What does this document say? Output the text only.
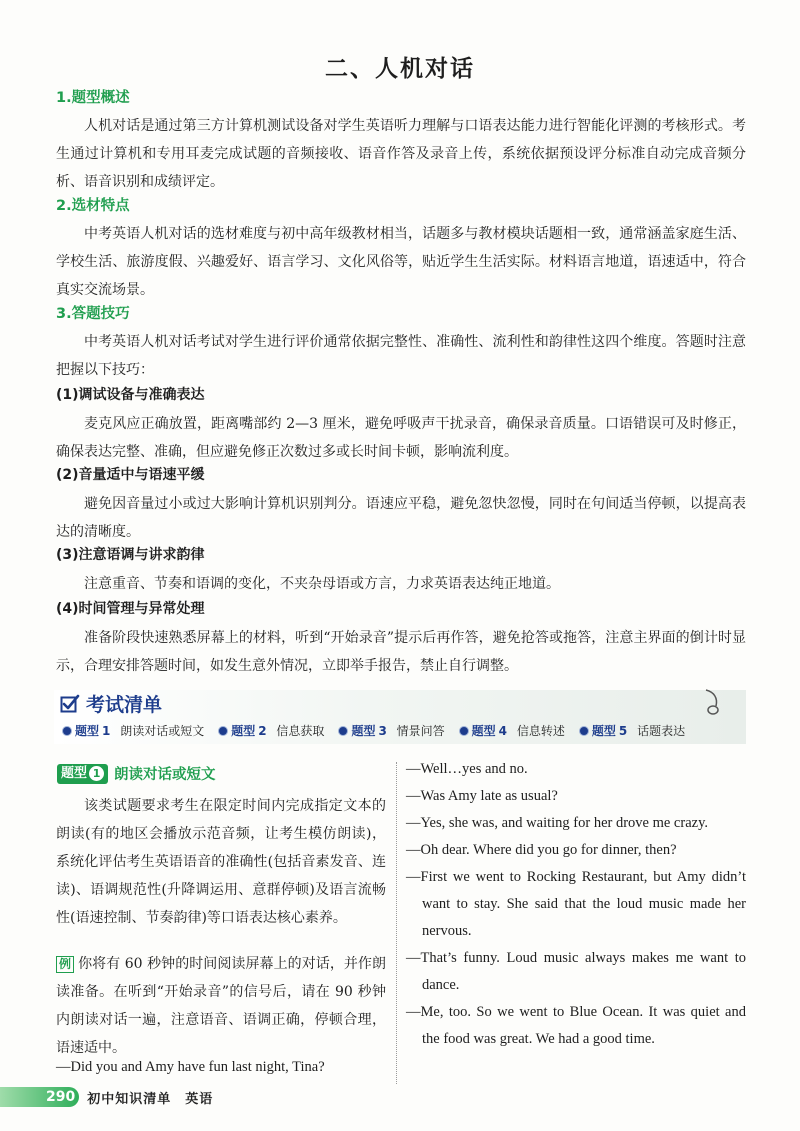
二、人机对话
1.题型概述

人机对话是通过第三方计算机测试设备对学生英语听力理解与口语表达能力进行智能化评测的考核形式。考生通过计算机和专用耳麦完成试题的音频接收、语音作答及录音上传，系统依据预设评分标准自动完成音频分析、语音识别和成绩评定。

2.选材特点

中考英语人机对话的选材难度与初中高年级教材相当，话题多与教材模块话题相一致，通常涵盖家庭生活、学校生活、旅游度假、兴趣爱好、语言学习、文化风俗等，贴近学生生活实际。材料语言地道，语速适中，符合真实交流场景。

3.答题技巧

中考英语人机对话考试对学生进行评价通常依据完整性、准确性、流利性和韵律性这四个维度。答题时注意把握以下技巧：

(1)调试设备与准确表达

麦克风应正确放置，距离嘴部约 2—3 厘米，避免呼吸声干扰录音，确保录音质量。口语错误可及时修正，确保表达完整、准确，但应避免修正次数过多或长时间卡顿，影响流利度。

(2)音量适中与语速平缓

避免因音量过小或过大影响计算机识别判分。语速应平稳，避免忽快忽慢，同时在句间适当停顿，以提高表达的清晰度。

(3)注意语调与讲求韵律

注意重音、节奏和语调的变化，不夹杂母语或方言，力求英语表达纯正地道。

(4)时间管理与异常处理

准备阶段快速熟悉屏幕上的材料，听到“开始录音”提示后再作答，避免抢答或拖答，注意主界面的倒计时显示，合理安排答题时间，如发生意外情况，立即举手报告，禁止自行调整。

考试清单
题型 1
朗读对话或短文 题型 2
信息获取 题型 3
情景问答 题型 4
信息转述 题型 5
话题表达
题型 1 朗读对话或短文

该类试题要求考生在限定时间内完成指定文本的朗读(有的地区会播放示范音频，让考生模仿朗读)，系统化评估考生英语语音的准确性(包括音素发音、连读)、语调规范性(升降调运用、意群停顿)及语言流畅性(语速控制、节奏韵律)等口语表达核心素养。

例 你将有 60 秒钟的时间阅读屏幕上的对话，并作朗读准备。在听到“开始录音”的信号后，请在 90 秒钟内朗读对话一遍，注意语音、语调正确，停顿合理，语速适中。

—Did you and Amy have fun last night, Tina?
—Well…yes and no.
—Was Amy late as usual?
—Yes, she was, and waiting for her drove me crazy.
—Oh dear. Where did you go for dinner, then?
—First we went to Rocking Restaurant, but Amy didn’t want to stay. She said that the loud music made her nervous.
—That’s funny. Loud music always makes me want to dance.
—Me, too. So we went to Blue Ocean. It was quiet and the food was great. We had a good time.
290 初中知识清单　英语
